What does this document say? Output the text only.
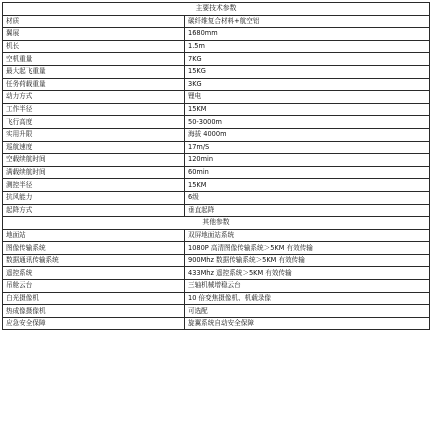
主要技术参数	
材质	碳纤维复合材料+航空铝
翼展	1680mm
机长	1.5m
空机重量	7KG
最大起飞重量	15KG
任务荷载重量	3KG
动力方式	锂电
工作半径	15KM
飞行高度	50-3000m
实用升限	海拔 4000m
巡航速度	17m/S
空载续航时间	120min
满载续航时间	60min
测控半径	15KM
抗风能力	6级
起降方式	垂直起降
其他参数	
地面站	双屏地面站系统
图像传输系统	1080P 高清图像传输系统＞5KM 有效传输
数据通讯传输系统	900Mhz 数据传输系统＞5KM 有效传输
遥控系统	433Mhz 遥控系统＞5KM 有效传输
吊舱云台	三轴机械增稳云台
白光摄像机	10 倍变焦摄像机、机载录像
热成像摄像机	可选配
应急安全保障	旋翼系统自动安全保障
